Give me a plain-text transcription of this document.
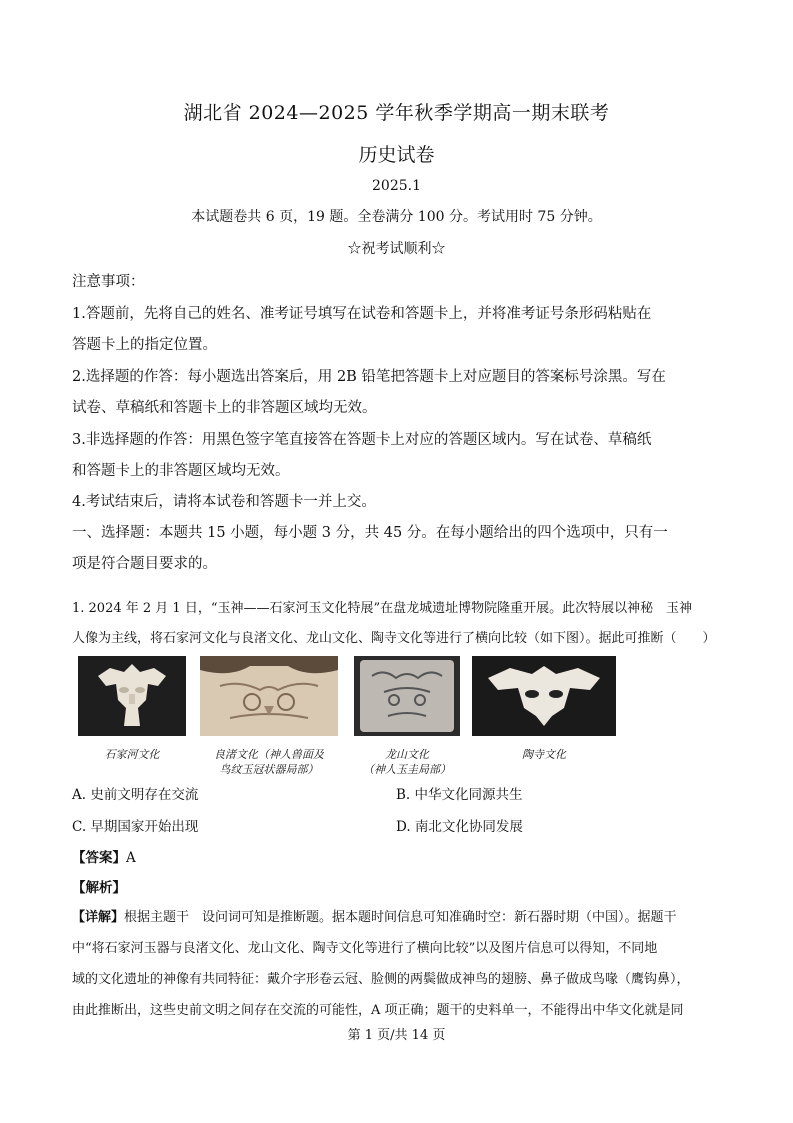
湖北省 2024—2025 学年秋季学期高一期末联考
历史试卷
2025.1
本试题卷共 6 页，19 题。全卷满分 100 分。考试用时 75 分钟。
☆祝考试顺利☆
注意事项：
1.答题前，先将自己的姓名、准考证号填写在试卷和答题卡上，并将准考证号条形码粘贴在
答题卡上的指定位置。
2.选择题的作答：每小题选出答案后，用 2B 铅笔把答题卡上对应题目的答案标号涂黑。写在
试卷、草稿纸和答题卡上的非答题区域均无效。
3.非选择题的作答：用黑色签字笔直接答在答题卡上对应的答题区域内。写在试卷、草稿纸
和答题卡上的非答题区域均无效。
4.考试结束后，请将本试卷和答题卡一并上交。
一、选择题：本题共 15 小题，每小题 3 分，共 45 分。在每小题给出的四个选项中，只有一
项是符合题目要求的。
1. 2024 年 2 月 1 日，“玉神——石家河玉文化特展”在盘龙城遗址博物院隆重开展。此次特展以神秘　玉神
人像为主线，将石家河文化与良渚文化、龙山文化、陶寺文化等进行了横向比较（如下图）。据此可推断（　　）
石家河文化	良渚文化（神人兽面及
鸟纹玉冠状器局部）
龙山文化
（神人玉圭局部）
陶寺文化
A. 史前文明存在交流	B. 中华文化同源共生
C. 早期国家开始出现	D. 南北文化协同发展
【答案】A
【解析】
【详解】根据主题干　设问词可知是推断题。据本题时间信息可知准确时空：新石器时期（中国）。据题干
中“将石家河玉器与良渚文化、龙山文化、陶寺文化等进行了横向比较”以及图片信息可以得知，不同地
域的文化遗址的神像有共同特征：戴介字形卷云冠、脸侧的两鬓做成神鸟的翅膀、鼻子做成鸟喙（鹰钩鼻），
由此推断出，这些史前文明之间存在交流的可能性，A 项正确；题干的史料单一，不能得出中华文化就是同
第 1 页/共 14 页
